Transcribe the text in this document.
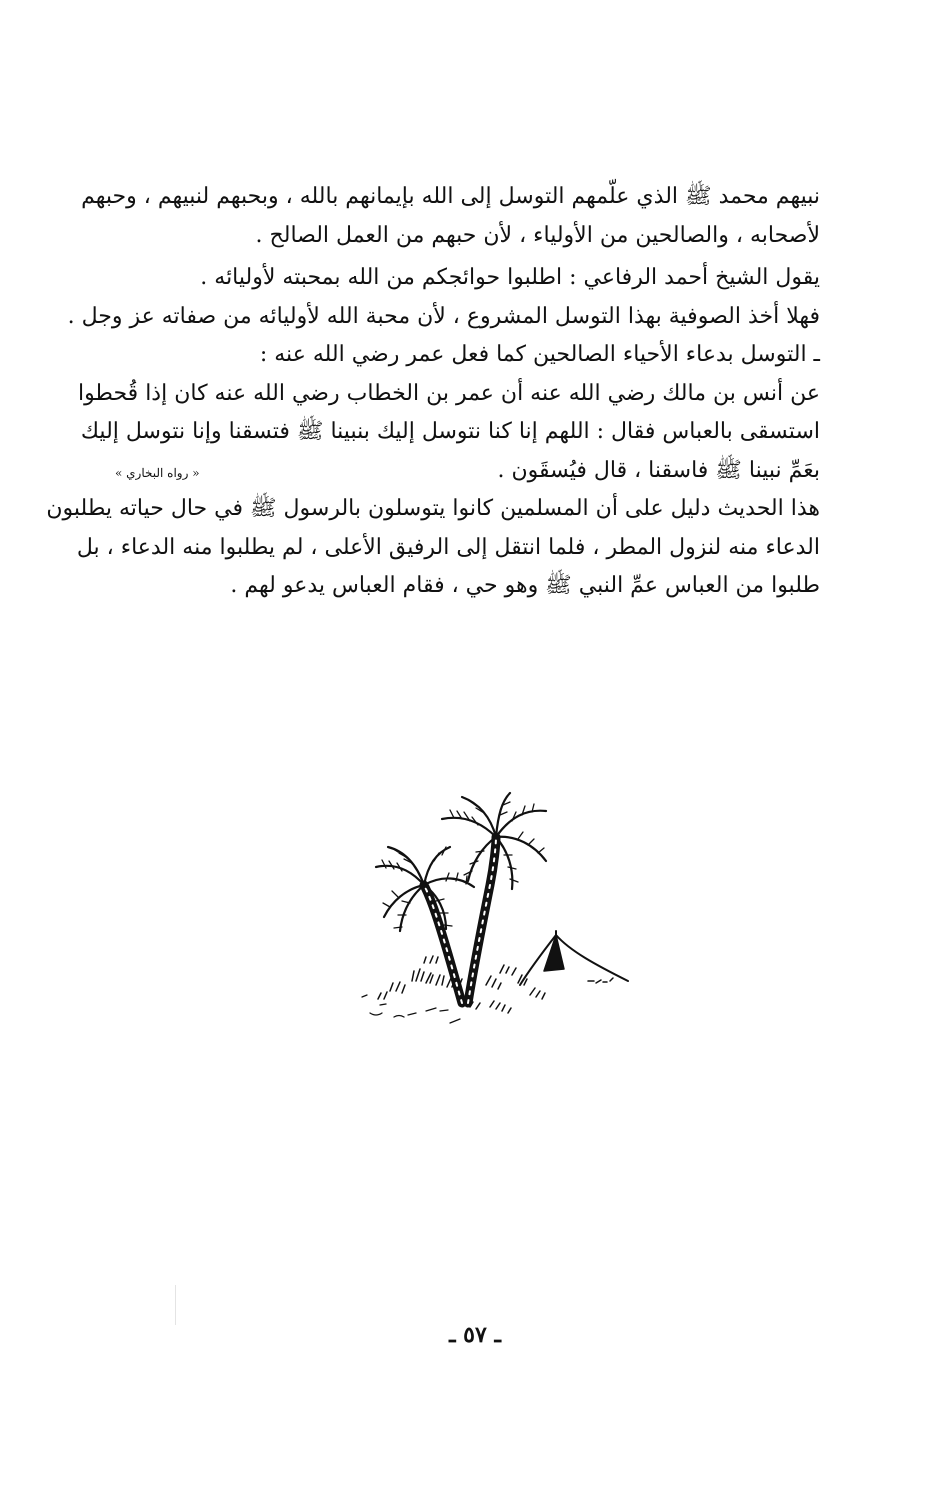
نبيهم محمد ﷺ الذي علّمهم التوسل إلى الله بإيمانهم بالله ، وبحبهم لنبيهم ، وحبهم
لأصحابه ، والصالحين من الأولياء ، لأن حبهم من العمل الصالح .
يقول الشيخ أحمد الرفاعي : اطلبوا حوائجكم من الله بمحبته لأوليائه .
فهلا أخذ الصوفية بهذا التوسل المشروع ، لأن محبة الله لأوليائه من صفاته عز وجل .
ـ التوسل بدعاء الأحياء الصالحين كما فعل عمر رضي الله عنه :
عن أنس بن مالك رضي الله عنه أن عمر بن الخطاب رضي الله عنه كان إذا قُحطوا
استسقى بالعباس فقال : اللهم إنا كنا نتوسل إليك بنبينا ﷺ فتسقنا وإنا نتوسل إليك
بعَمِّ نبينا ﷺ فاسقنا ، قال فيُسقَون .
« رواه البخاري »
هذا الحديث دليل على أن المسلمين كانوا يتوسلون بالرسول ﷺ في حال حياته يطلبون
الدعاء منه لنزول المطر ، فلما انتقل إلى الرفيق الأعلى ، لم يطلبوا منه الدعاء ، بل
طلبوا من العباس عمِّ النبي ﷺ وهو حي ، فقام العباس يدعو لهم .
ـ ٥٧ ـ
